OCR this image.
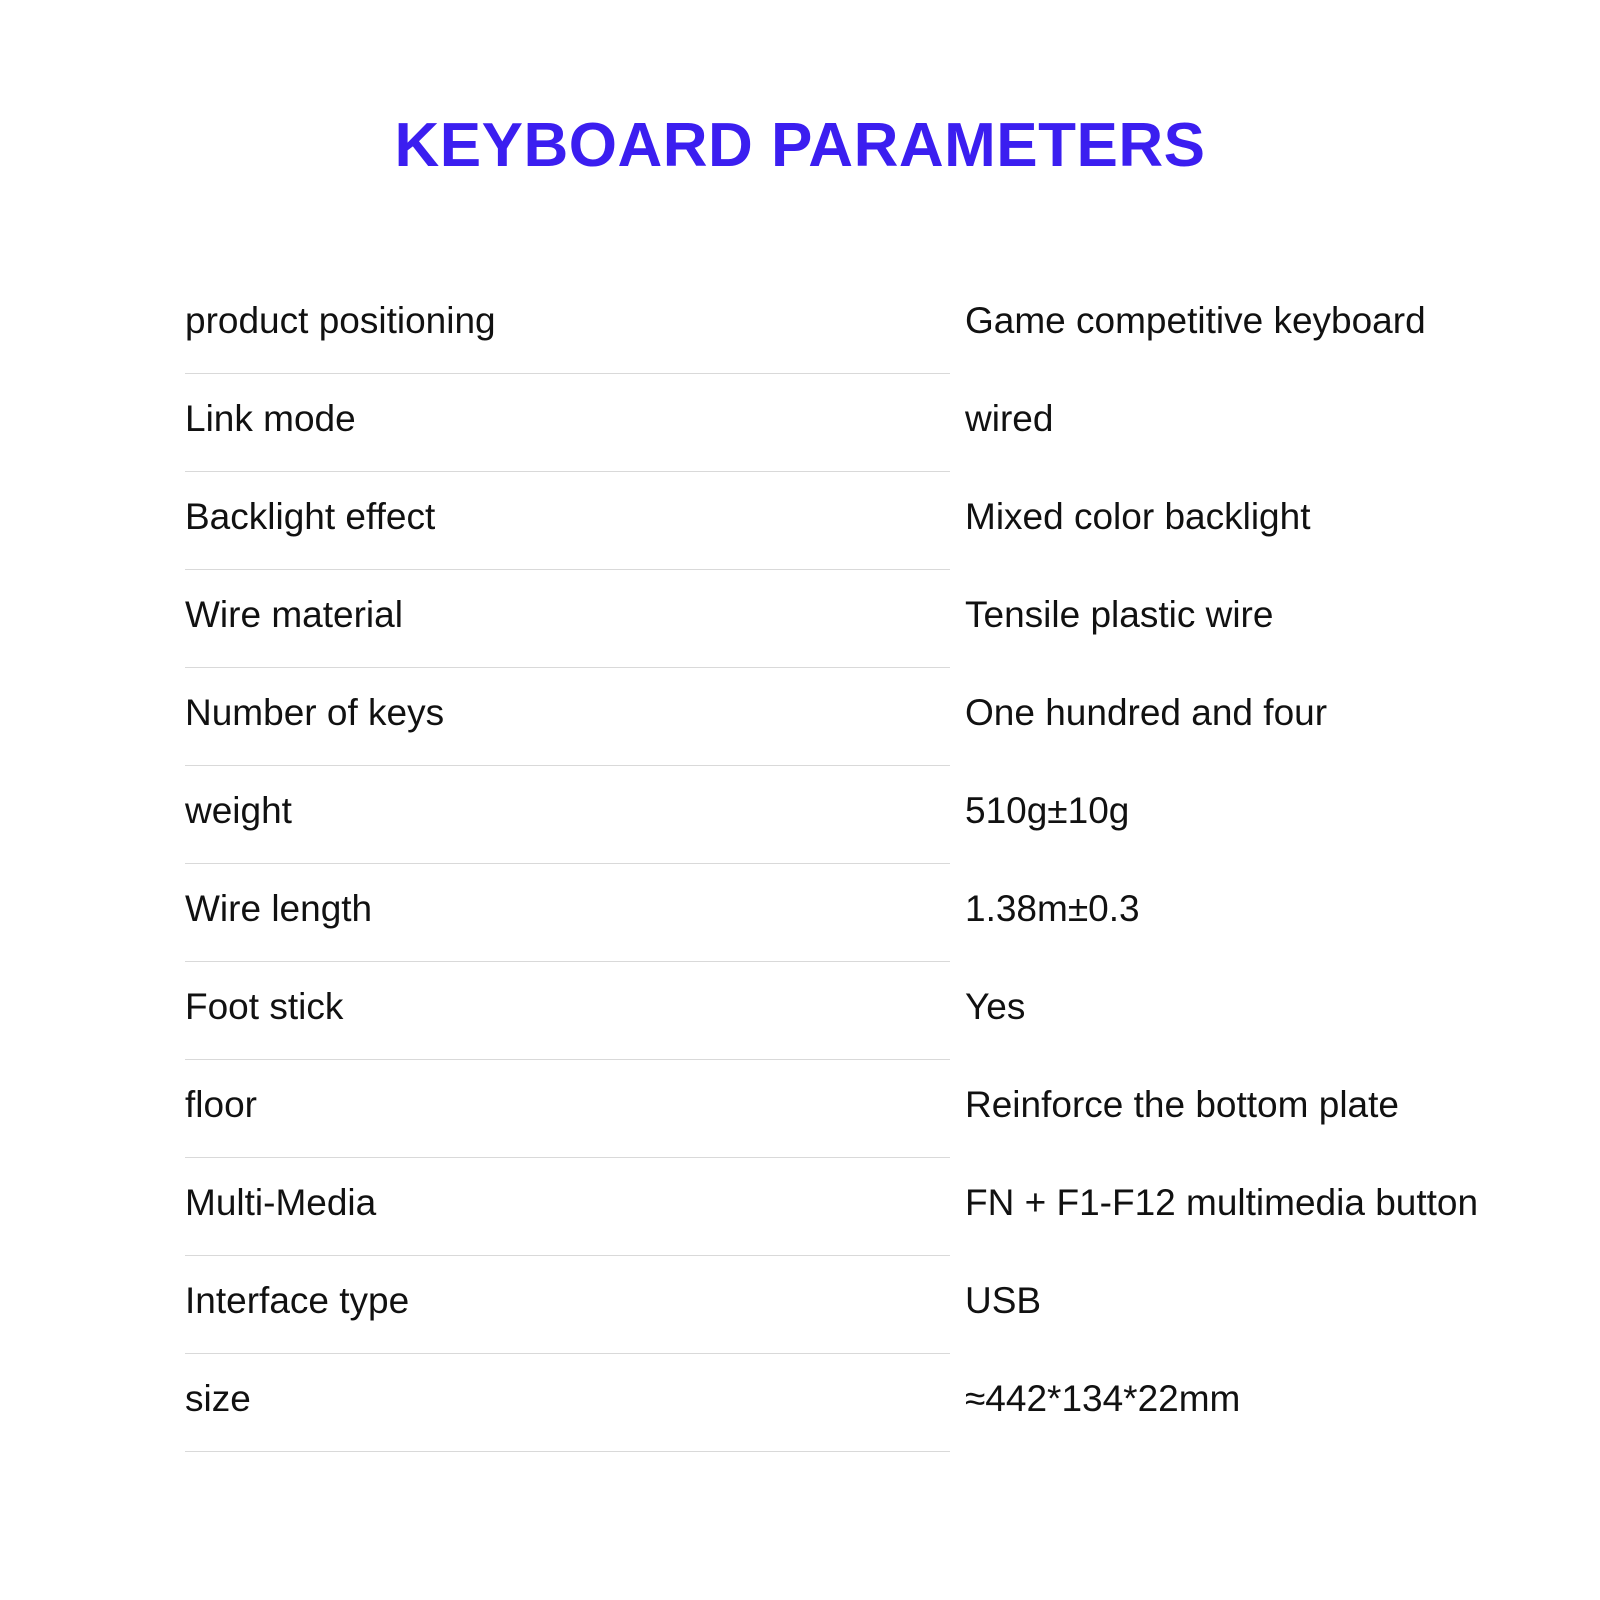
KEYBOARD PARAMETERS
product positioning	Game competitive keyboard
Link mode	wired
Backlight effect	Mixed color backlight
Wire material	Tensile plastic wire
Number of keys	One hundred and four
weight	510g±10g
Wire length	1.38m±0.3
Foot stick	Yes
floor	Reinforce the bottom plate
Multi-Media	FN + F1-F12 multimedia button
Interface type	USB
size	≈442*134*22mm
